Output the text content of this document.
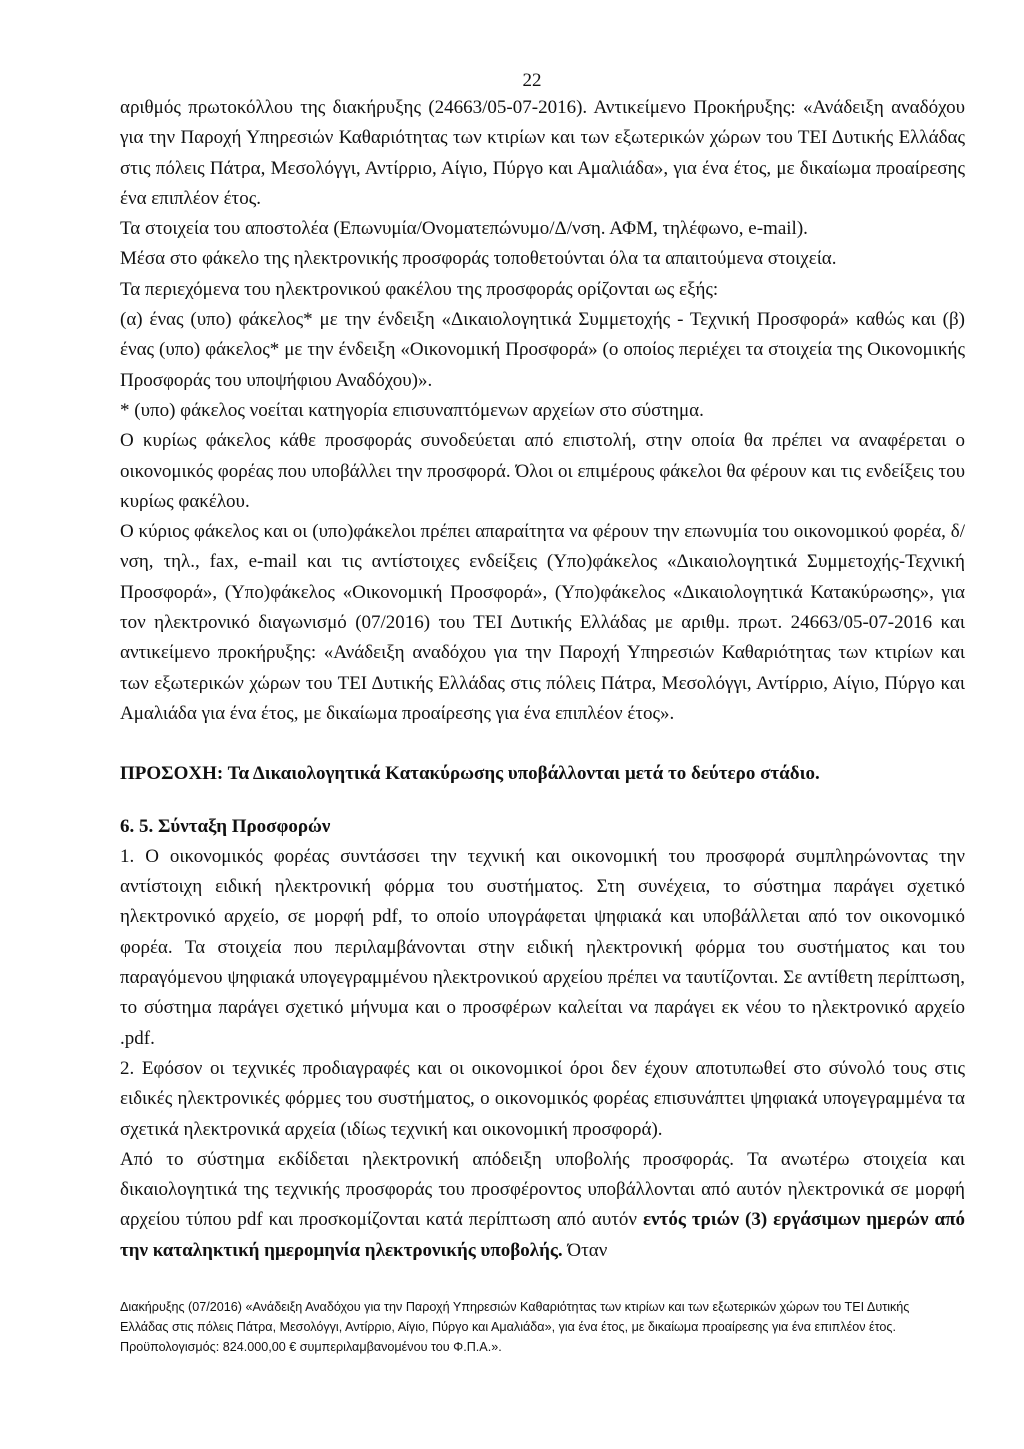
22

αριθμός πρωτοκόλλου της διακήρυξης (24663/05-07-2016). Αντικείμενο Προκήρυξης: «Ανάδειξη αναδόχου για την Παροχή Υπηρεσιών Καθαριότητας των κτιρίων και των εξωτερικών χώρων του ΤΕΙ Δυτικής Ελλάδας στις πόλεις Πάτρα, Μεσολόγγι, Αντίρριο, Αίγιο, Πύργο και Αμαλιάδα», για ένα έτος, με δικαίωμα προαίρεσης ένα επιπλέον έτος.

Τα στοιχεία του αποστολέα (Επωνυμία/Ονοματεπώνυμο/Δ/νση. ΑΦΜ, τηλέφωνο, e-mail).

Μέσα στο φάκελο της ηλεκτρονικής προσφοράς τοποθετούνται όλα τα απαιτούμενα στοιχεία.

Τα περιεχόμενα του ηλεκτρονικού φακέλου της προσφοράς ορίζονται ως εξής:

(α) ένας (υπο) φάκελος* με την ένδειξη «Δικαιολογητικά Συμμετοχής - Τεχνική Προσφορά» καθώς και (β) ένας (υπο) φάκελος* με την ένδειξη «Οικονομική Προσφορά» (ο οποίος περιέχει τα στοιχεία της Οικονομικής Προσφοράς του υποψήφιου Αναδόχου)».

* (υπο) φάκελος νοείται κατηγορία επισυναπτόμενων αρχείων στο σύστημα.

Ο κυρίως φάκελος κάθε προσφοράς συνοδεύεται από επιστολή, στην οποία θα πρέπει να αναφέρεται ο οικονομικός φορέας που υποβάλλει την προσφορά. Όλοι οι επιμέρους φάκελοι θα φέρουν και τις ενδείξεις του κυρίως φακέλου.

Ο κύριος φάκελος και οι (υπο)φάκελοι πρέπει απαραίτητα να φέρουν την επωνυμία του οικονομικού φορέα, δ/νση, τηλ., fax, e-mail και τις αντίστοιχες ενδείξεις (Υπο)φάκελος «Δικαιολογητικά Συμμετοχής-Τεχνική Προσφορά», (Υπο)φάκελος «Οικονομική Προσφορά», (Υπο)φάκελος «Δικαιολογητικά Κατακύρωσης», για τον ηλεκτρονικό διαγωνισμό (07/2016) του ΤΕΙ Δυτικής Ελλάδας με αριθμ. πρωτ. 24663/05-07-2016 και αντικείμενο προκήρυξης: «Ανάδειξη αναδόχου για την Παροχή Υπηρεσιών Καθαριότητας των κτιρίων και των εξωτερικών χώρων του ΤΕΙ Δυτικής Ελλάδας στις πόλεις Πάτρα, Μεσολόγγι, Αντίρριο, Αίγιο, Πύργο και Αμαλιάδα για ένα έτος, με δικαίωμα προαίρεσης για ένα επιπλέον έτος».

ΠΡΟΣΟΧΗ: Τα Δικαιολογητικά Κατακύρωσης υποβάλλονται μετά το δεύτερο στάδιο.

6. 5. Σύνταξη Προσφορών

1. Ο οικονομικός φορέας συντάσσει την τεχνική και οικονομική του προσφορά συμπληρώνοντας την αντίστοιχη ειδική ηλεκτρονική φόρμα του συστήματος. Στη συνέχεια, το σύστημα παράγει σχετικό ηλεκτρονικό αρχείο, σε μορφή pdf, το οποίο υπογράφεται ψηφιακά και υποβάλλεται από τον οικονομικό φορέα. Τα στοιχεία που περιλαμβάνονται στην ειδική ηλεκτρονική φόρμα του συστήματος και του παραγόμενου ψηφιακά υπογεγραμμένου ηλεκτρονικού αρχείου πρέπει να ταυτίζονται. Σε αντίθετη περίπτωση, το σύστημα παράγει σχετικό μήνυμα και ο προσφέρων καλείται να παράγει εκ νέου το ηλεκτρονικό αρχείο .pdf.

2. Εφόσον οι τεχνικές προδιαγραφές και οι οικονομικοί όροι δεν έχουν αποτυπωθεί στο σύνολό τους στις ειδικές ηλεκτρονικές φόρμες του συστήματος, ο οικονομικός φορέας επισυνάπτει ψηφιακά υπογεγραμμένα τα σχετικά ηλεκτρονικά αρχεία (ιδίως τεχνική και οικονομική προσφορά).

Από το σύστημα εκδίδεται ηλεκτρονική απόδειξη υποβολής προσφοράς. Τα ανωτέρω στοιχεία και δικαιολογητικά της τεχνικής προσφοράς του προσφέροντος υποβάλλονται από αυτόν ηλεκτρονικά σε μορφή αρχείου τύπου pdf και προσκομίζονται κατά περίπτωση από αυτόν εντός τριών (3) εργάσιμων ημερών από την καταληκτική ημερομηνία ηλεκτρονικής υποβολής. Όταν

Διακήρυξης (07/2016) «Ανάδειξη Αναδόχου για την Παροχή Υπηρεσιών Καθαριότητας των κτιρίων και των εξωτερικών χώρων του ΤΕΙ Δυτικής

Ελλάδας στις πόλεις Πάτρα, Μεσολόγγι, Αντίρριο, Αίγιο, Πύργο και Αμαλιάδα», για ένα έτος, με δικαίωμα προαίρεσης για ένα επιπλέον έτος.

Προϋπολογισμός: 824.000,00 € συμπεριλαμβανομένου του Φ.Π.Α.».
